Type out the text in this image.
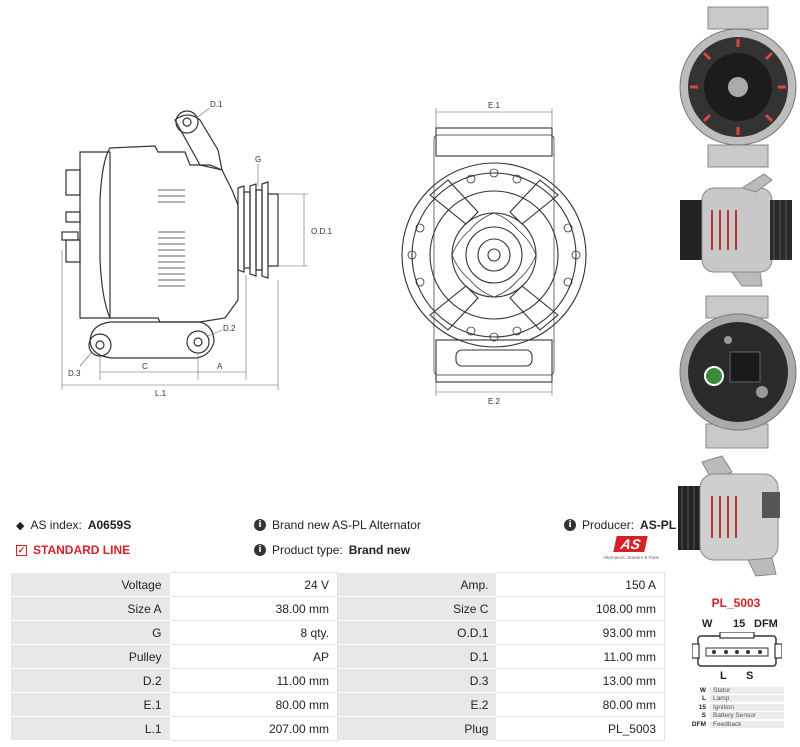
D.1
G
O.D.1
D.2
D.3
C	A
L.1
E.1
E.2
◆ AS index: A0659S	i Brand new AS-PL Alternator	i Producer: AS-PL
✓ STANDARD LINE	i Product type: Brand new	AS
Alternators, Starters & Parts
Voltage	24 V	Amp.	150 A
Size A	38.00 mm	Size C	108.00 mm
G	8 qty.	O.D.1	93.00 mm
Pulley	AP	D.1	11.00 mm
D.2	11.00 mm	D.3	13.00 mm
E.1	80.00 mm	E.2	80.00 mm
L.1	207.00 mm	Plug	PL_5003
PL_5003
W 15 DFM
L S
W	Stator
L	Lamp
15	Ignition
S	Battery Sensor
DFM	Feedback
